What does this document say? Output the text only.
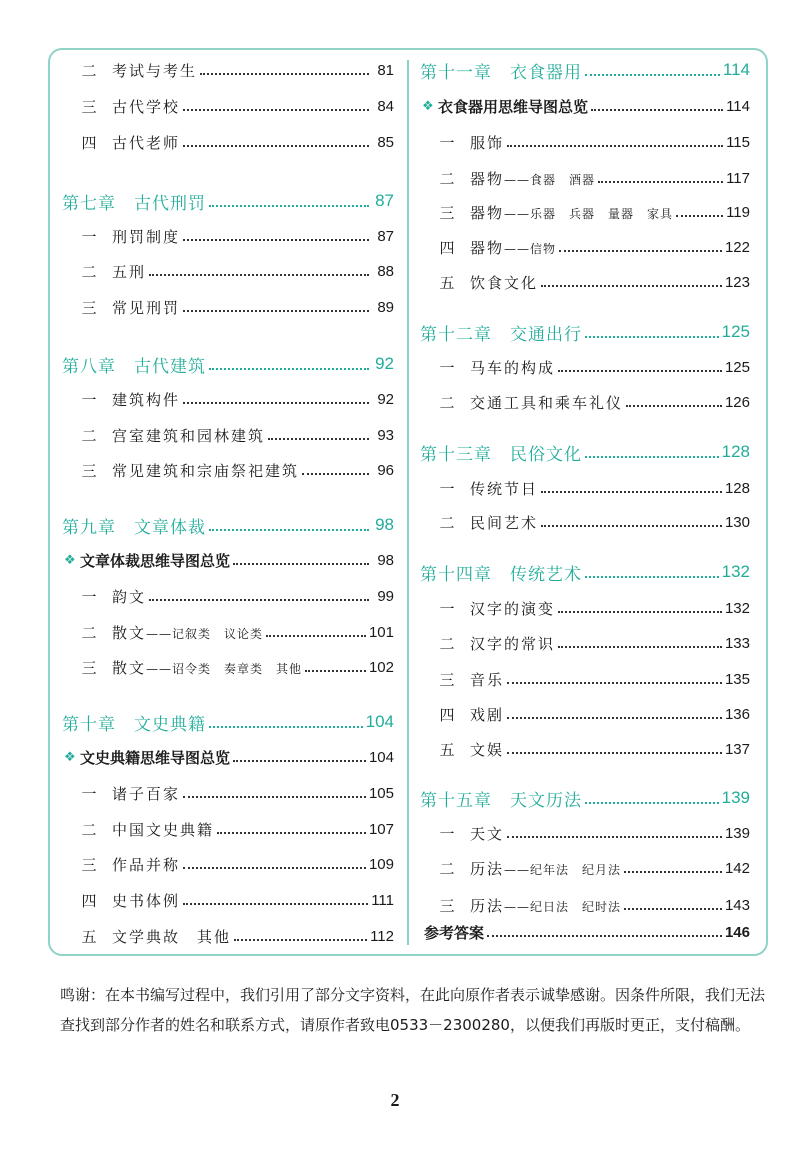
二	考试与考生	81
三	古代学校	84
四	古代老师	85
第七章　古代刑罚	87
一	刑罚制度	87
二	五刑	88
三	常见刑罚	89
第八章　古代建筑	92
一	建筑构件	92
二	宫室建筑和园林建筑	93
三	常见建筑和宗庙祭祀建筑	96
第九章　文章体裁	98
❖ 文章体裁思维导图总览	98
一	韵文	99
二	散文——记叙类　议论类	101
三	散文——诏令类　奏章类　其他	102
第十章　文史典籍	104
❖ 文史典籍思维导图总览	104
一	诸子百家	105
二	中国文史典籍	107
三	作品并称	109
四	史书体例	111
五	文学典故　其他	112
第十一章　衣食器用	114
❖ 衣食器用思维导图总览	114
一	服饰	115
二	器物——食器　酒器	117
三	器物——乐器　兵器　量器　家具	119
四	器物——信物	122
五	饮食文化	123
第十二章　交通出行	125
一	马车的构成	125
二	交通工具和乘车礼仪	126
第十三章　民俗文化	128
一	传统节日	128
二	民间艺术	130
第十四章　传统艺术	132
一	汉字的演变	132
二	汉字的常识	133
三	音乐	135
四	戏剧	136
五	文娱	137
第十五章　天文历法	139
一	天文	139
二	历法——纪年法　纪月法	142
三	历法——纪日法　纪时法	143
参考答案	146
鸣谢：在本书编写过程中，我们引用了部分文字资料，在此向原作者表示诚挚感谢。因条件所限，我们无法查找到部分作者的姓名和联系方式，请原作者致电0533－2300280，以便我们再版时更正，支付稿酬。
2
